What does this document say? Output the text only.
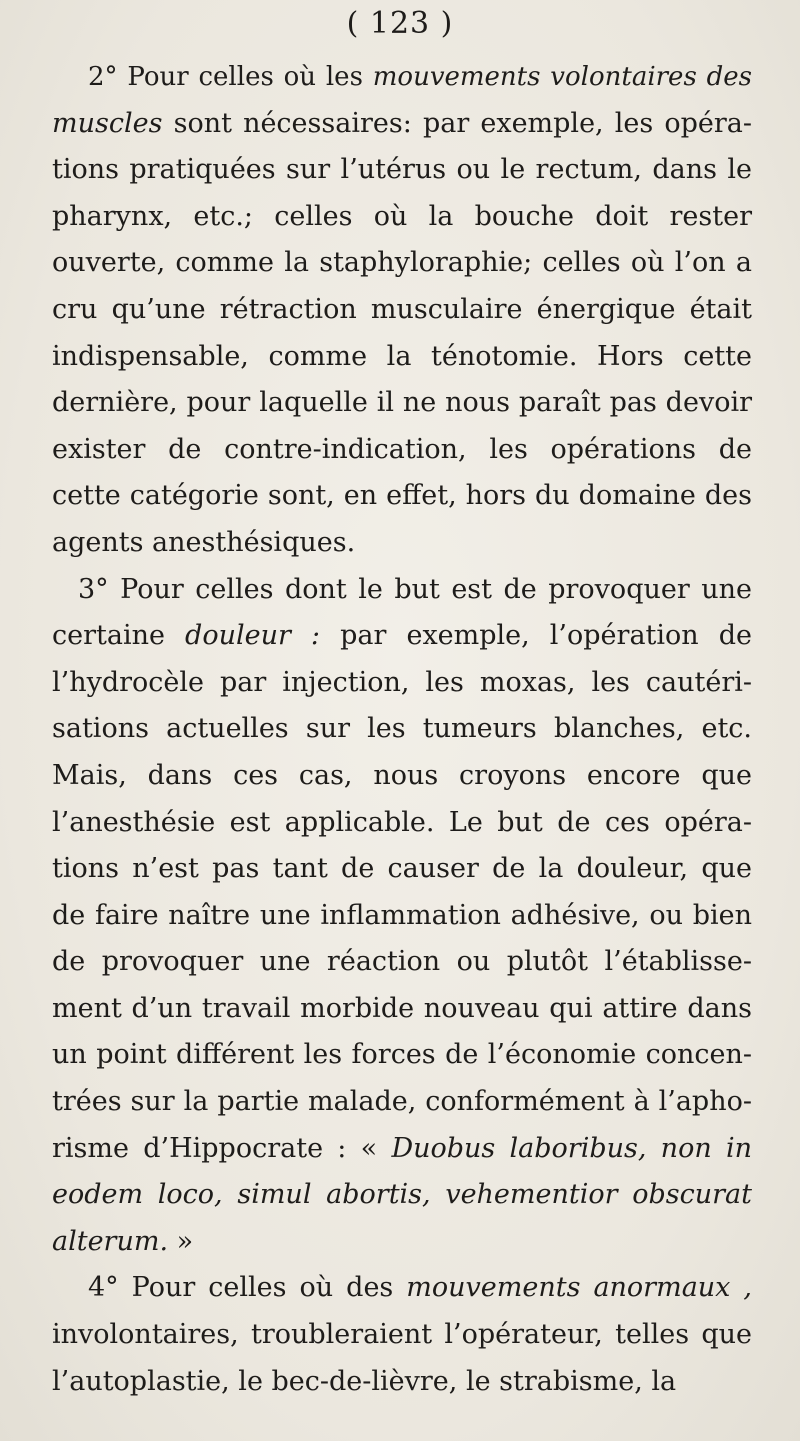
( 123 )
2° Pour celles où les mouvements volontaires des
muscles sont nécessaires: par exemple, les opéra-
tions pratiquées sur l’utérus ou le rectum, dans le
pharynx, etc.; celles où la bouche doit rester
ouverte, comme la staphyloraphie; celles où l’on a
cru qu’une rétraction musculaire énergique était
indispensable, comme la ténotomie. Hors cette
dernière, pour laquelle il ne nous paraît pas devoir
exister de contre-indication, les opérations de
cette catégorie sont, en effet, hors du domaine des
agents anesthésiques.
3° Pour celles dont le but est de provoquer une
certaine douleur : par exemple, l’opération de
l’hydrocèle par injection, les moxas, les cautéri-
sations actuelles sur les tumeurs blanches, etc.
Mais, dans ces cas, nous croyons encore que
l’anesthésie est applicable. Le but de ces opéra-
tions n’est pas tant de causer de la douleur, que
de faire naître une inflammation adhésive, ou bien
de provoquer une réaction ou plutôt l’établisse-
ment d’un travail morbide nouveau qui attire dans
un point différent les forces de l’économie concen-
trées sur la partie malade, conformément à l’apho-
risme d’Hippocrate : « Duobus laboribus, non in
eodem loco, simul abortis, vehementior obscurat
alterum. »
4° Pour celles où des mouvements anormaux ,
involontaires, troubleraient l’opérateur, telles que
l’autoplastie, le bec-de-lièvre, le strabisme, la
